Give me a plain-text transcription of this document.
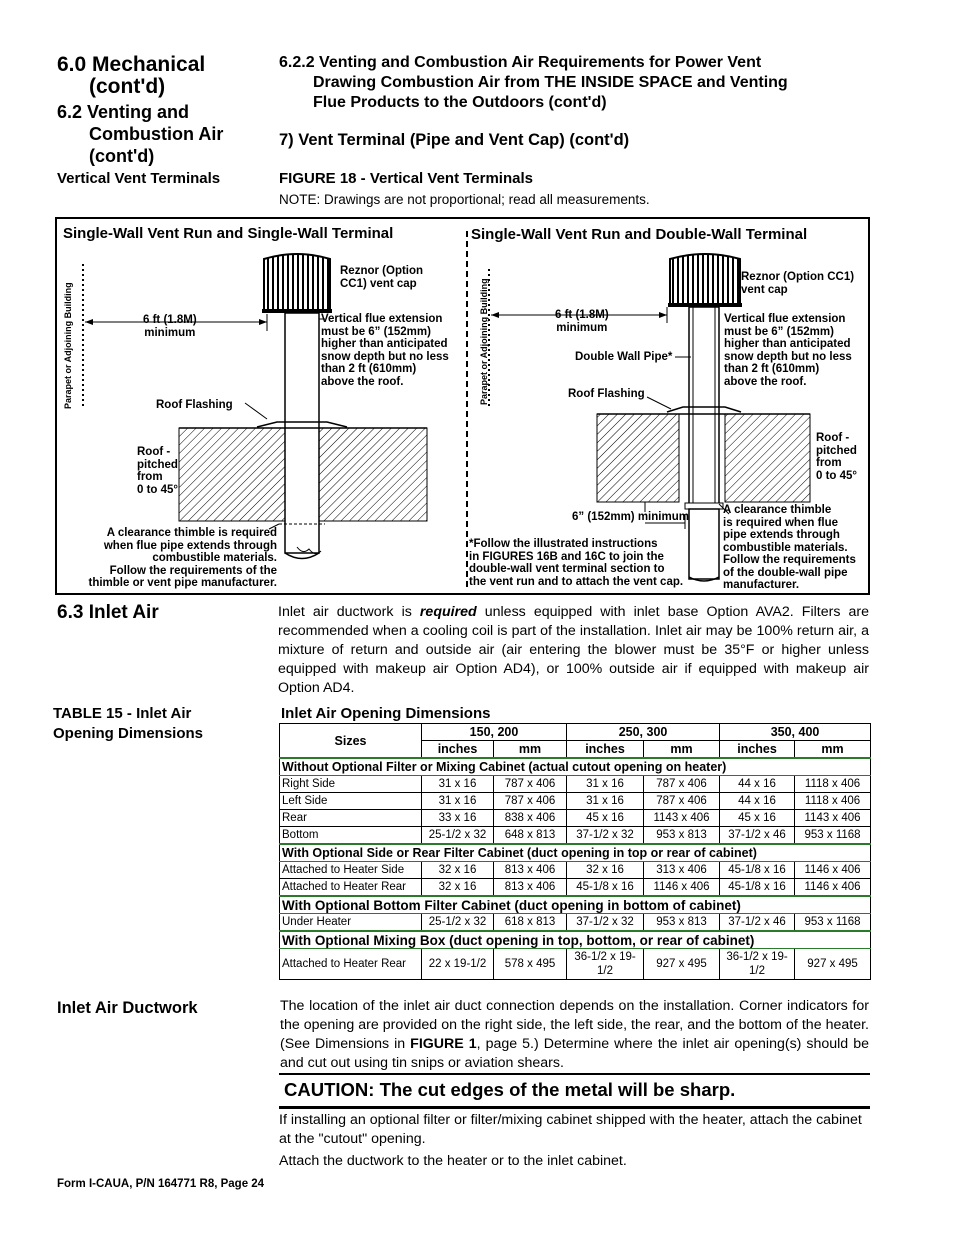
6.0 Mechanical

(cont'd)
6.2 Venting and

Combustion Air
(cont'd)
Vertical Vent Terminals
6.2.2 Venting and Combustion Air Requirements for Power Vent
Drawing Combustion Air from THE INSIDE SPACE and Venting
Flue Products to the Outdoors (cont'd)
7) Vent Terminal (Pipe and Vent Cap) (cont'd)
FIGURE 18 - Vertical Vent Terminals
NOTE: Drawings are not proportional; read all measurements.
Single-Wall Vent Run and Single-Wall Terminal
Parapet or Adjoining Building
Reznor (Option
CC1) vent cap
6 ft (1.8M)
minimum
Vertical flue extension
must be 6” (152mm)
higher than anticipated
snow depth but no less
than 2 ft (610mm)
above the roof.
Roof Flashing
Roof -
pitched
from
0 to 45°
A clearance thimble is required
when flue pipe extends through
combustible materials.
Follow the requirements of the
thimble or vent pipe manufacturer.
Single-Wall Vent Run and Double-Wall Terminal
Parapet or Adjoining Building
Reznor (Option CC1)
vent cap
6 ft (1.8M)
minimum
Double Wall Pipe*
Vertical flue extension
must be 6” (152mm)
higher than anticipated
snow depth but no less
than 2 ft (610mm)
above the roof.
Roof Flashing
Roof -
pitched
from
0 to 45°
6” (152mm) minimum
*Follow the illustrated instructions
in FIGURES 16B and 16C to join the
double-wall vent terminal section to
the vent run and to attach the vent cap.
A clearance thimble
is required when flue
pipe extends through
combustible materials.
Follow the requirements
of the double-wall pipe
manufacturer.
6.3 Inlet Air	Inlet air ductwork is required unless equipped with inlet base Option AVA2. Filters are recommended when a cooling coil is part of the installation. Inlet air may be 100% return air, a mixture of return and outside air (air entering the blower must be 35°F or higher unless equipped with makeup air Option AD4), or 100% outside air if equipped with makeup air Option AD4.
TABLE 15 - Inlet Air
Opening Dimensions
Inlet Air Opening Dimensions
Sizes	150, 200		250, 300		350, 400	
	inches	mm	inches	mm	inches	mm
Without Optional Filter or Mixing Cabinet (actual cutout opening on heater)						
Right Side	31 x 16	787 x 406	31 x 16	787 x 406	44 x 16	1118 x 406
Left Side	31 x 16	787 x 406	31 x 16	787 x 406	44 x 16	1118 x 406
Rear	33 x 16	838 x 406	45 x 16	1143 x 406	45 x 16	1143 x 406
Bottom	25-1/2 x 32	648 x 813	37-1/2 x 32	953 x 813	37-1/2 x 46	953 x 1168
With Optional Side or Rear Filter Cabinet (duct opening in top or rear of cabinet)						
Attached to Heater Side	32 x 16	813 x 406	32 x 16	313 x 406	45-1/8 x 16	1146 x 406
Attached to Heater Rear	32 x 16	813 x 406	45-1/8 x 16	1146 x 406	45-1/8 x 16	1146 x 406
With Optional Bottom Filter Cabinet (duct opening in bottom of cabinet)						
Under Heater	25-1/2 x 32	618 x 813	37-1/2 x 32	953 x 813	37-1/2 x 46	953 x 1168
With Optional Mixing Box (duct opening in top, bottom, or rear of cabinet)						
Attached to Heater Rear	22 x 19-1/2	578 x 495	36-1/2 x 19-1/2	927 x 495	36-1/2 x 19-1/2	927 x 495
Inlet Air Ductwork	The location of the inlet air duct connection depends on the installation. Corner indicators for the opening are provided on the right side, the left side, the rear, and the bottom of the heater. (See Dimensions in FIGURE 1, page 5.) Determine where the inlet air opening(s) should be and cut out using tin snips or aviation shears.
CAUTION: The cut edges of the metal will be sharp.
If installing an optional filter or filter/mixing cabinet shipped with the heater, attach the cabinet at the "cutout" opening.
Attach the ductwork to the heater or to the inlet cabinet.
Form I-CAUA, P/N 164771 R8, Page 24
